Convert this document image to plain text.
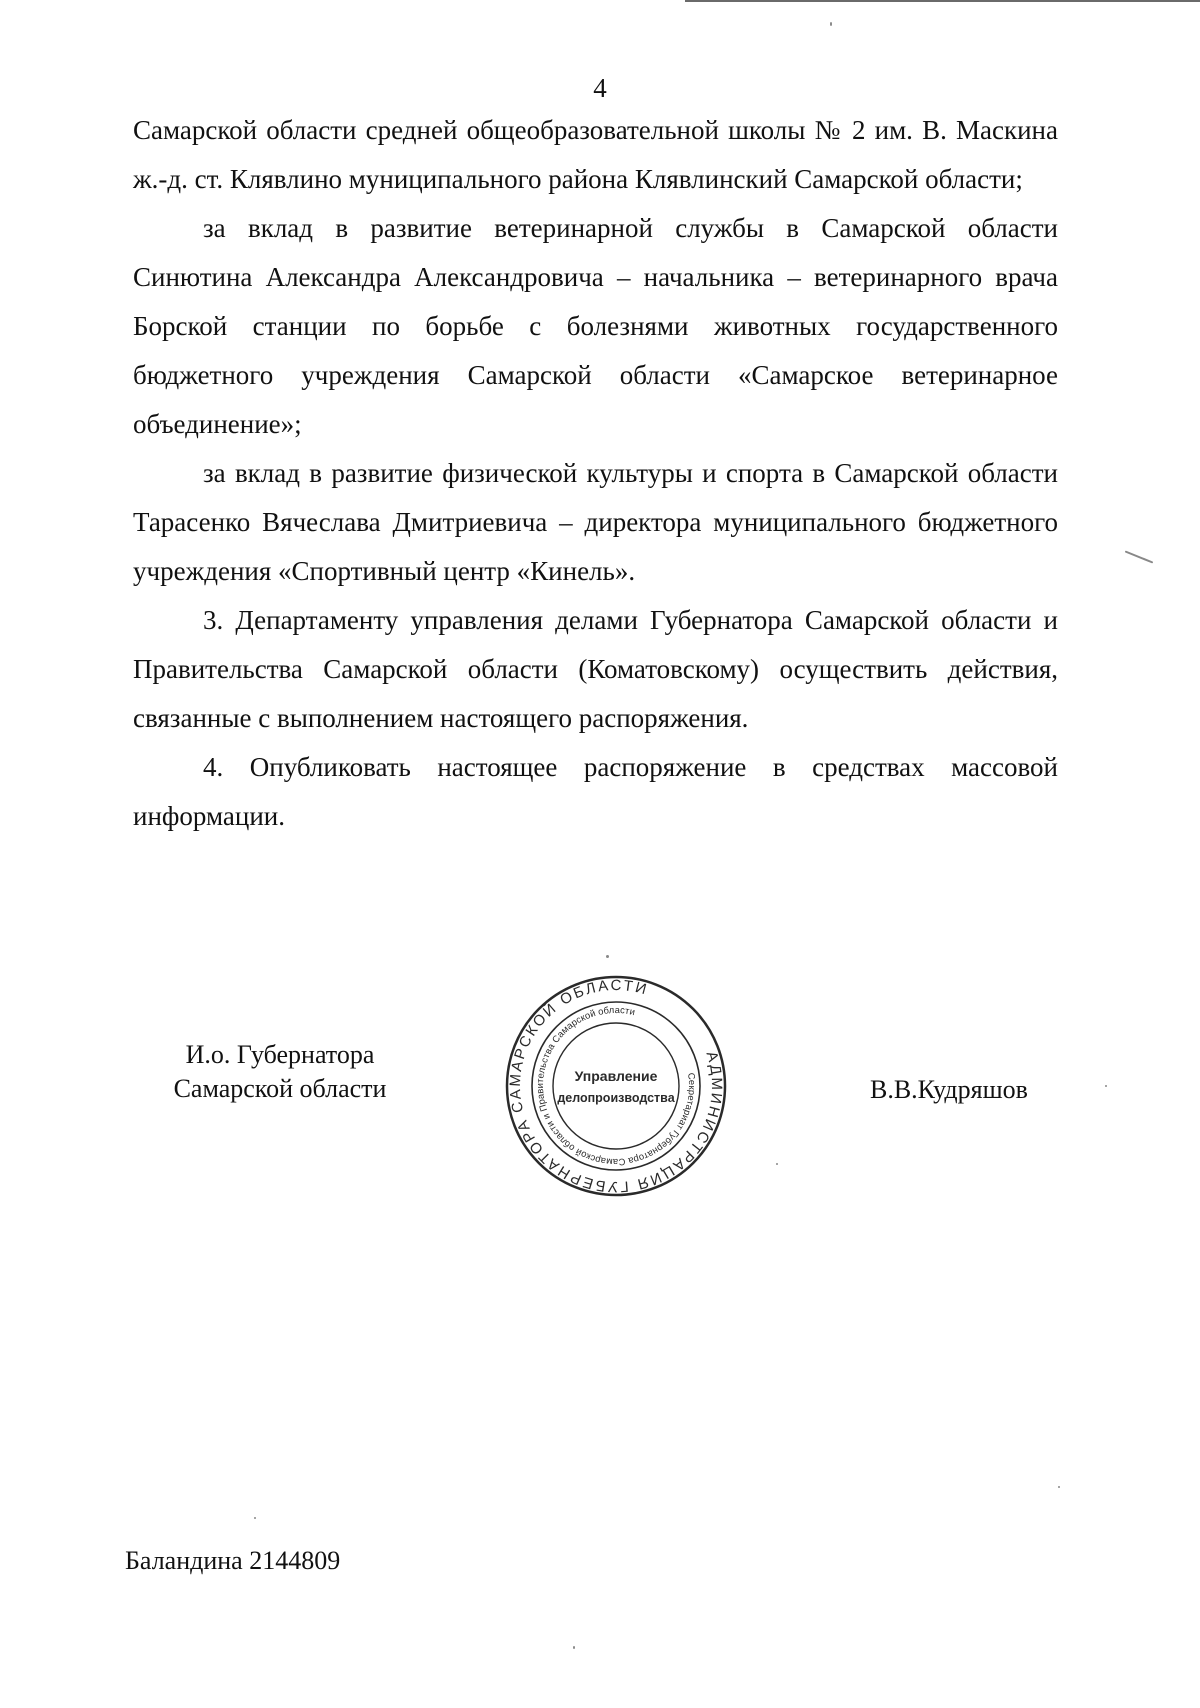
4

Самарской области средней общеобразовательной школы № 2 им. В. Маскина ж.-д. ст. Клявлино муниципального района Клявлинский Самарской области;

за вклад в развитие ветеринарной службы в Самарской области Синютина Александра Александровича – начальника – ветеринарного врача Борской станции по борьбе с болезнями животных государственного бюджетного учреждения Самарской области «Самарское ветеринарное объединение»;

за вклад в развитие физической культуры и спорта в Самарской области Тарасенко Вячеслава Дмитриевича – директора муниципального бюджетного учреждения «Спортивный центр «Кинель».

3. Департаменту управления делами Губернатора Самарской области и Правительства Самарской области (Коматовскому) осуществить действия, связанные с выполнением настоящего распоряжения.

4. Опубликовать настоящее распоряжение в средствах массовой информации.

И.о. Губернатора
Самарской области
АДМИНИСТРАЦИЯ ГУБЕРНАТОРА САМАРСКОЙ ОБЛАСТИ
Секретариат Губернатора Самарской области и Правительства Самарской области
Управление
делопроизводства	В.В.Кудряшов
Баландина 2144809
